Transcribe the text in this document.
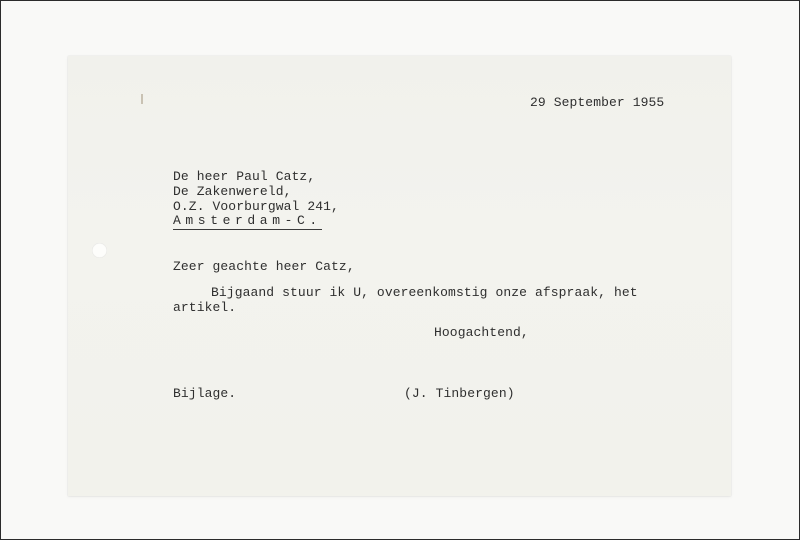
29 September 1955
De heer Paul Catz,
De Zakenwereld,
O.Z. Voorburgwal 241,
Amsterdam-C.
Zeer geachte heer Catz,
Bijgaand stuur ik U, overeenkomstig onze afspraak, het
artikel.
Hoogachtend,
Bijlage.	(J. Tinbergen)
